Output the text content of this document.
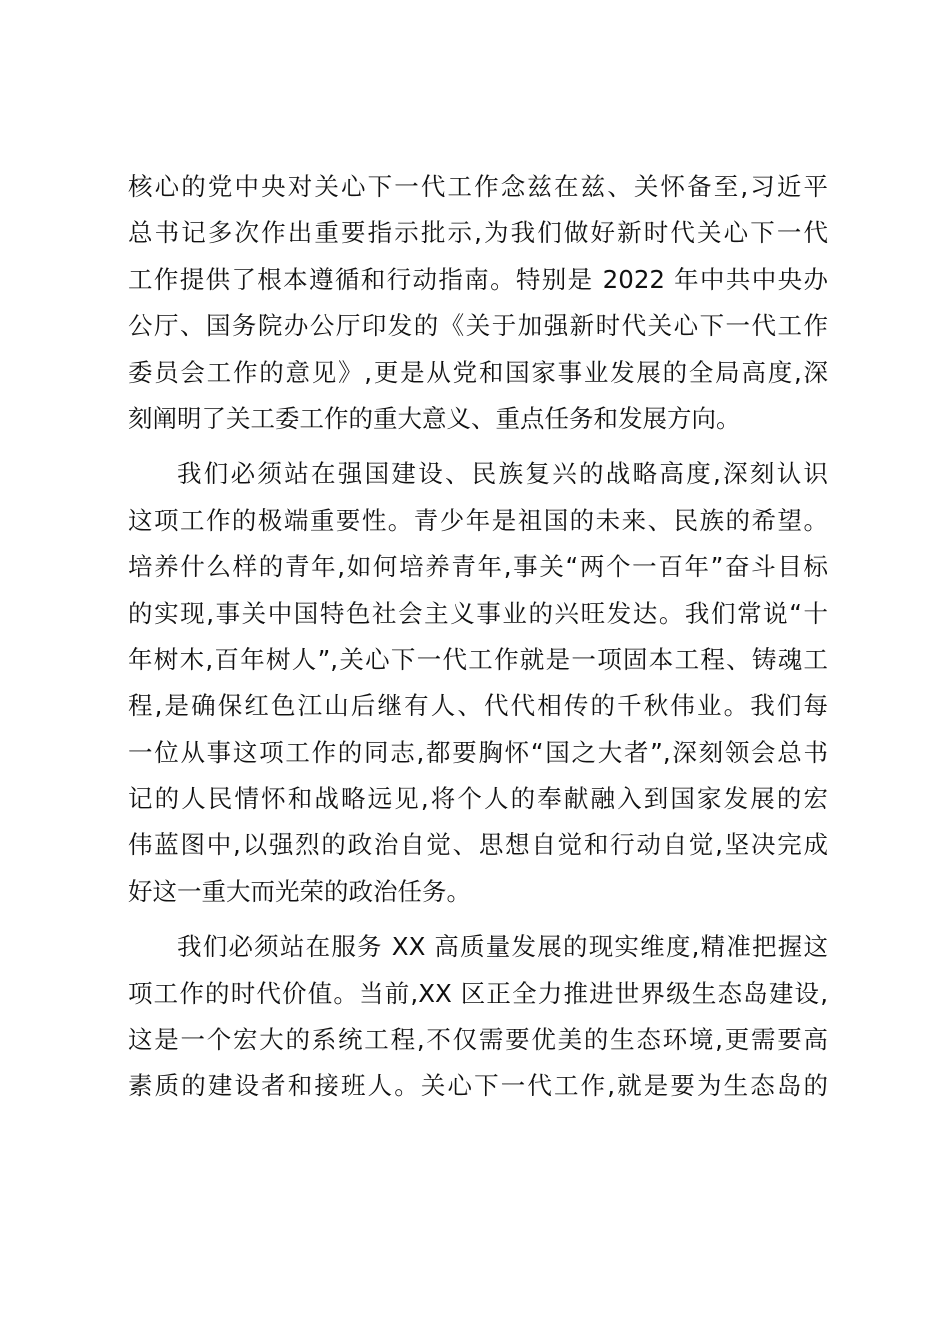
核心的党中央对关心下一代工作念兹在兹、关怀备至,习近平
总书记多次作出重要指示批示,为我们做好新时代关心下一代
工作提供了根本遵循和行动指南。特别是 2022 年中共中央办
公厅、国务院办公厅印发的《关于加强新时代关心下一代工作
委员会工作的意见》,更是从党和国家事业发展的全局高度,深
刻阐明了关工委工作的重大意义、重点任务和发展方向。
我们必须站在强国建设、民族复兴的战略高度,深刻认识
这项工作的极端重要性。青少年是祖国的未来、民族的希望。
培养什么样的青年,如何培养青年,事关“两个一百年”奋斗目标
的实现,事关中国特色社会主义事业的兴旺发达。我们常说“十
年树木,百年树人”,关心下一代工作就是一项固本工程、铸魂工
程,是确保红色江山后继有人、代代相传的千秋伟业。我们每
一位从事这项工作的同志,都要胸怀“国之大者”,深刻领会总书
记的人民情怀和战略远见,将个人的奉献融入到国家发展的宏
伟蓝图中,以强烈的政治自觉、思想自觉和行动自觉,坚决完成
好这一重大而光荣的政治任务。
我们必须站在服务 XX 高质量发展的现实维度,精准把握这
项工作的时代价值。当前,XX 区正全力推进世界级生态岛建设,
这是一个宏大的系统工程,不仅需要优美的生态环境,更需要高
素质的建设者和接班人。关心下一代工作,就是要为生态岛的
